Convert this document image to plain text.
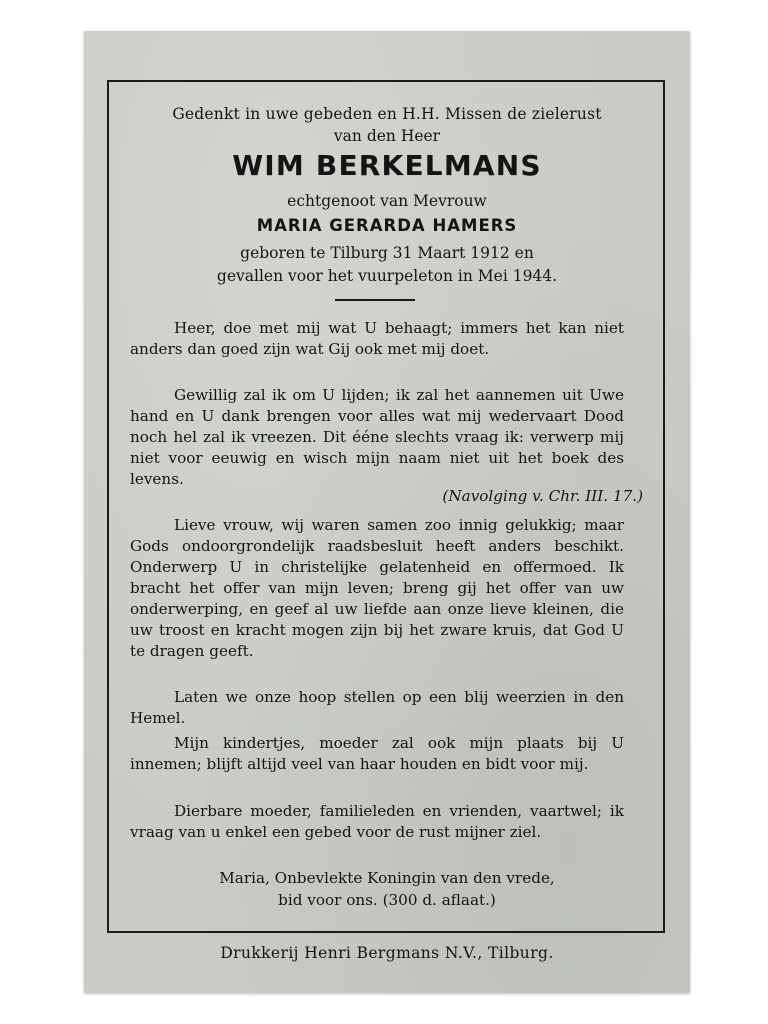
Gedenkt in uwe gebeden en H.H. Missen de zielerust
van den Heer
WIM BERKELMANS
echtgenoot van Mevrouw
MARIA GERARDA HAMERS
geboren te Tilburg 31 Maart 1912 en
gevallen voor het vuurpeleton in Mei 1944.

Heer, doe met mij wat U behaagt; immers het kan niet anders dan goed zijn wat Gij ook met mij doet.

Gewillig zal ik om U lijden; ik zal het aannemen uit Uwe hand en U dank brengen voor alles wat mij wedervaart Dood noch hel zal ik vreezen. Dit ééne slechts vraag ik: verwerp mij niet voor eeuwig en wisch mijn naam niet uit het boek des levens.

(Navolging v. Chr. III. 17.)

Lieve vrouw, wij waren samen zoo innig gelukkig; maar Gods ondoorgrondelijk raadsbesluit heeft anders beschikt. Onderwerp U in christelijke gelatenheid en offermoed. Ik bracht het offer van mijn leven; breng gij het offer van uw onderwerping, en geef al uw liefde aan onze lieve kleinen, die uw troost en kracht mogen zijn bij het zware kruis, dat God U te dragen geeft.

Laten we onze hoop stellen op een blij weerzien in den Hemel.

Mijn kindertjes, moeder zal ook mijn plaats bij U innemen; blijft altijd veel van haar houden en bidt voor mij.

Dierbare moeder, familieleden en vrienden, vaartwel; ik vraag van u enkel een gebed voor de rust mijner ziel.

Maria, Onbevlekte Koningin van den vrede,
bid voor ons. (300 d. aflaat.)
Drukkerij Henri Bergmans N.V., Tilburg.
